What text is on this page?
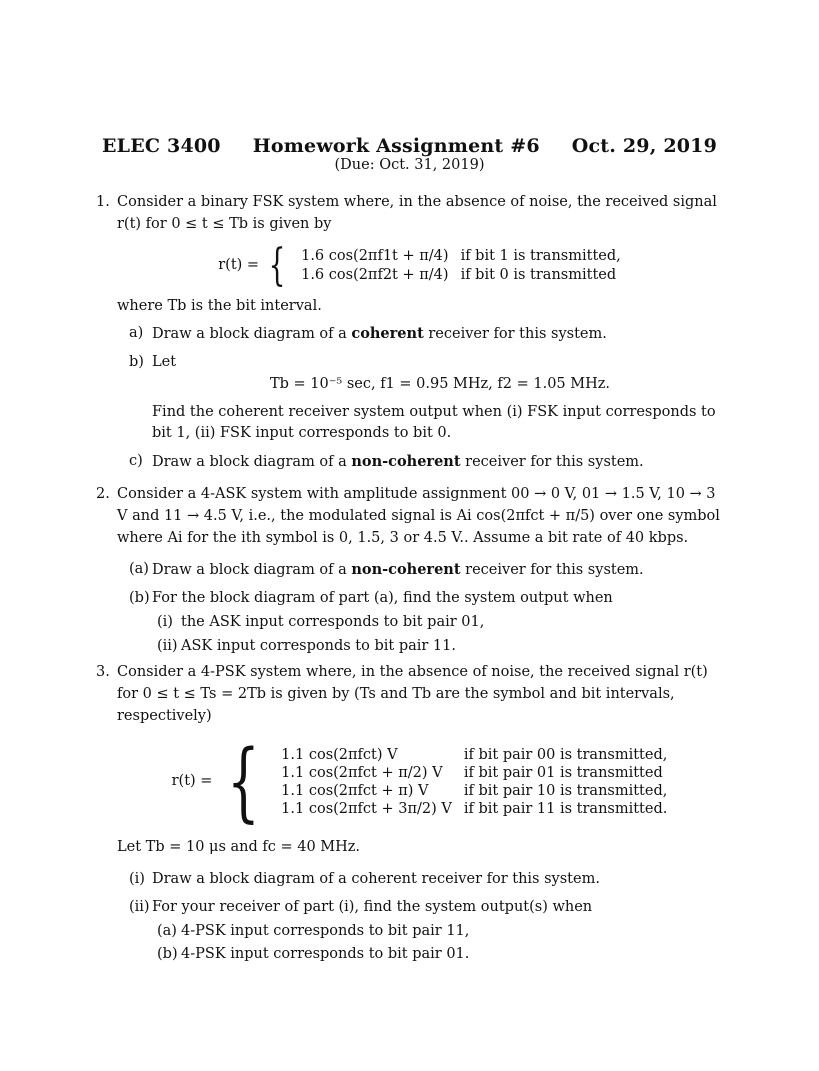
ELEC 3400 Homework Assignment #6 Oct. 29, 2019
(Due: Oct. 31, 2019)
1. Consider a binary FSK system where, in the absence of noise, the received signal r(t) for 0 ≤ t ≤ Tb is given by
r(t) = { 1.6 cos(2πf1t + π/4)	if bit 1 is transmitted,
1.6 cos(2πf2t + π/4)	if bit 0 is transmitted
where Tb is the bit interval.
a) Draw a block diagram of a coherent receiver for this system.
b) Let
Tb = 10⁻⁵ sec, f1 = 0.95 MHz, f2 = 1.05 MHz.
Find the coherent receiver system output when (i) FSK input corresponds to bit 1, (ii) FSK input corresponds to bit 0.
c) Draw a block diagram of a non-coherent receiver for this system.
2. Consider a 4-ASK system with amplitude assignment 00 → 0 V, 01 → 1.5 V, 10 → 3 V and 11 → 4.5 V, i.e., the modulated signal is Ai cos(2πfct + π/5) over one symbol where Ai for the ith symbol is 0, 1.5, 3 or 4.5 V.. Assume a bit rate of 40 kbps.
(a) Draw a block diagram of a non-coherent receiver for this system.
(b) For the block diagram of part (a), find the system output when
(i) the ASK input corresponds to bit pair 01,
(ii) ASK input corresponds to bit pair 11.
3. Consider a 4-PSK system where, in the absence of noise, the received signal r(t) for 0 ≤ t ≤ Ts = 2Tb is given by (Ts and Tb are the symbol and bit intervals, respectively)
r(t) = { 1.1 cos(2πfct) V	if bit pair 00 is transmitted,
1.1 cos(2πfct + π/2) V	if bit pair 01 is transmitted
1.1 cos(2πfct + π) V	if bit pair 10 is transmitted,
1.1 cos(2πfct + 3π/2) V	if bit pair 11 is transmitted.
Let Tb = 10 μs and fc = 40 MHz.
(i) Draw a block diagram of a coherent receiver for this system.
(ii) For your receiver of part (i), find the system output(s) when
(a) 4-PSK input corresponds to bit pair 11,
(b) 4-PSK input corresponds to bit pair 01.
